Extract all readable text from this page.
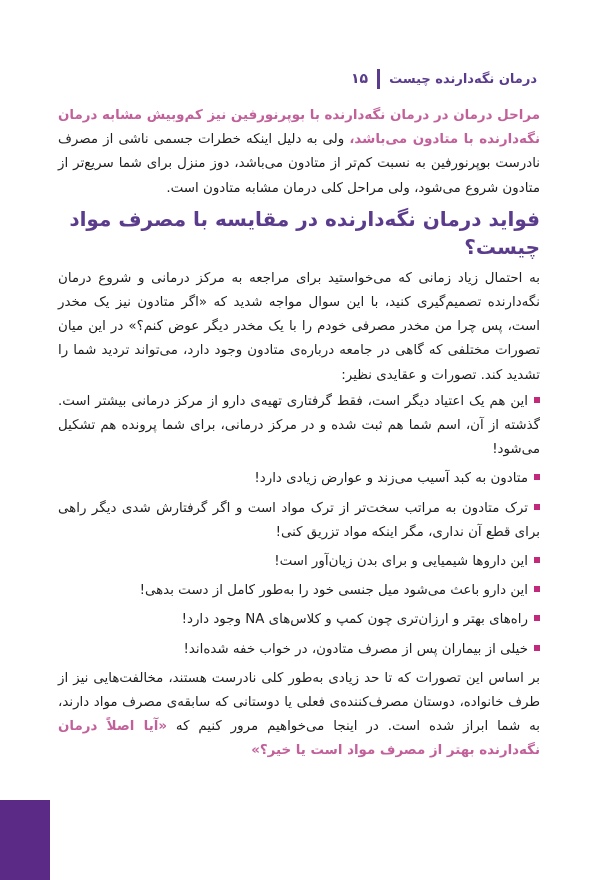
درمان نگه‌دارنده چیست
۱۵

مراحل درمان در درمان نگه‌دارنده با بوپرنورفین نیز کم‌وبیش مشابه درمان نگه‌دارنده با متادون می‌باشد، ولی به دلیل اینکه خطرات جسمی ناشی از مصرف نادرست بوپرنورفین به نسبت کم‌تر از متادون می‌باشد، دوز منزل برای شما سریع‌تر از متادون شروع می‌شود، ولی مراحل کلی درمان مشابه متادون است.

فواید درمان نگه‌دارنده در مقایسه با مصرف مواد چیست؟

به احتمال زیاد زمانی که می‌خواستید برای مراجعه به مرکز درمانی و شروع درمان نگه‌دارنده تصمیم‌گیری کنید، با این سوال مواجه شدید که «اگر متادون نیز یک مخدر است، پس چرا من مخدر مصرفی خودم را با یک مخدر دیگر عوض کنم؟» در این میان تصورات مختلفی که گاهی در جامعه درباره‌ی متادون وجود دارد، می‌تواند تردید شما را تشدید کند. تصورات و عقایدی نظیر:

این هم یک اعتیاد دیگر است، فقط گرفتاری تهیه‌ی دارو از مرکز درمانی بیشتر است. گذشته از آن، اسم شما هم ثبت شده و در مرکز درمانی، برای شما پرونده هم تشکیل می‌شود!
متادون به کبد آسیب می‌زند و عوارض زیادی دارد!
ترک متادون به مراتب سخت‌تر از ترک مواد است و اگر گرفتارش شدی دیگر راهی برای قطع آن نداری، مگر اینکه مواد تزریق کنی!
این داروها شیمیایی و برای بدن زیان‌آور است!
این دارو باعث می‌شود میل جنسی خود را به‌طور کامل از دست بدهی!
راه‌های بهتر و ارزان‌تری چون کمپ و کلاس‌های NA وجود دارد!
خیلی از بیماران پس از مصرف متادون، در خواب خفه شده‌اند!

بر اساس این تصورات که تا حد زیادی به‌طور کلی نادرست هستند، مخالفت‌هایی نیز از طرف خانواده، دوستان مصرف‌کننده‌ی فعلی یا دوستانی که سابقه‌ی مصرف مواد دارند، به شما ابراز شده است. در اینجا می‌خواهیم مرور کنیم که «آیا اصلاً درمان نگه‌دارنده بهتر از مصرف مواد است یا خیر؟»
